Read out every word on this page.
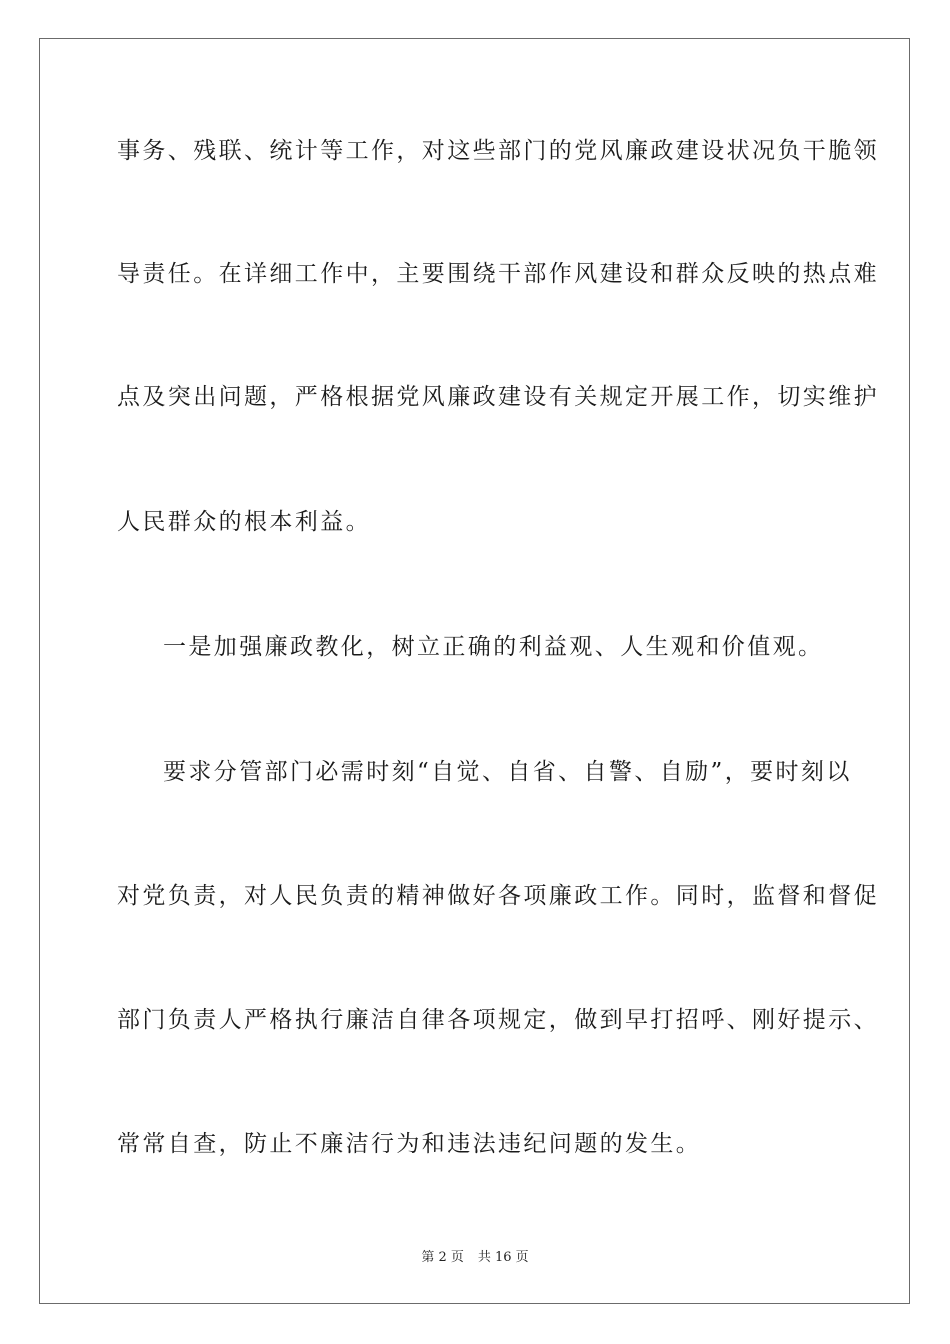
事务、残联、统计等工作，对这些部门的党风廉政建设状况负干脆领
导责任。在详细工作中，主要围绕干部作风建设和群众反映的热点难
点及突出问题，严格根据党风廉政建设有关规定开展工作，切实维护
人民群众的根本利益。
一是加强廉政教化，树立正确的利益观、人生观和价值观。
要求分管部门必需时刻“自觉、自省、自警、自励”，要时刻以
对党负责，对人民负责的精神做好各项廉政工作。同时，监督和督促
部门负责人严格执行廉洁自律各项规定，做到早打招呼、刚好提示、
常常自查，防止不廉洁行为和违法违纪问题的发生。
第 2 页 共 16 页
